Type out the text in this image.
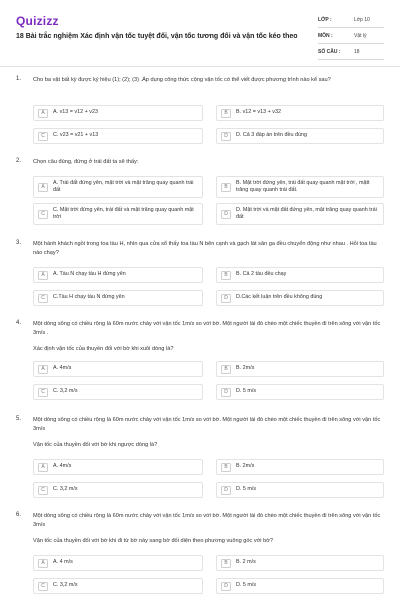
Quizizz
18 Bài trắc nghiệm Xác định vận tốc tuyệt đối, vận tốc tương đối và vận tốc kéo theo
LỚP :	Lớp 10
MÔN :	Vật lý
SỐ CÂU :	18
1. Cho ba vật bất kỳ được ký hiệu (1); (2); (3) .Áp dụng công thức cộng vận tốc có thể viết được phương trình nào kể sau?
A	A. v13 = v12 + v23	B	B. v12 = v13 + v32
C	C. v23 = v21 + v13	D	D. Cả 3 đáp án trên đều đúng
2. Chọn câu đúng, đứng ở trái đất ta sẽ thấy:
A
A. Trái đất đứng yên, mặt trời và mặt trăng quay quanh trái đất	B
B. Mặt trời đứng yên, trái đất quay quanh mặt trời , mặtt trăng quay quanh trái đất.
C
C. Mặt trời đứng yên, trái đất và mặt trăng quay quanh mặt trời	D
D. Mặt trời và mặt đất đứng yên, mặt trăng quay quanh trái đất
3. Một hành khách ngồi trong toa tàu H, nhìn qua cửa sổ thấy toa tàu N bên cạnh và gạch lát sân ga đều chuyển động như nhau . Hỏi toa tàu nào chạy?
A	A. Tàu N chạy tàu H đứng yên	B	B. Cả 2 tàu đều chạy
C	C.Tàu H chạy tàu N đứng yên	D	D.Các kết luận trên đều không đúng
4. Một dòng sông có chiều rộng là 60m nước chảy với vận tốc 1m/s so với bờ. Một người lái đò chèo một chiếc thuyền đi trên sông với vận tốc 3m/s .
Xác định vận tốc của thuyền đối với bờ khi xuôi dòng là?
A	A. 4m/s	B	B. 2m/s
C	C. 3,2 m/s	D	D. 5 m/s
5. Một dòng sông có chiều rộng là 60m nước chảy với vận tốc 1m/s so với bờ. Một người lái đò chèo một chiếc thuyền đi trên sông với vận tốc 3m/s
Vận tốc của thuyền đối với bờ khi ngược dòng là?
A	A. 4m/s	B	B. 2m/s
C	C. 3,2 m/s	D	D. 5 m/s
6. Một dòng sông có chiều rộng là 60m nước chảy với vận tốc 1m/s so với bờ. Một người lái đò chèo một chiếc thuyền đi trên sông với vận tốc 3m/s
Vận tốc của thuyền đối với bờ khi đi từ bờ này sang bờ đối diện theo phương vuông góc với bờ?
A	A. 4 m/s	B	B. 2 m/s
C	C. 3,2 m/s	D	D. 5 m/s
